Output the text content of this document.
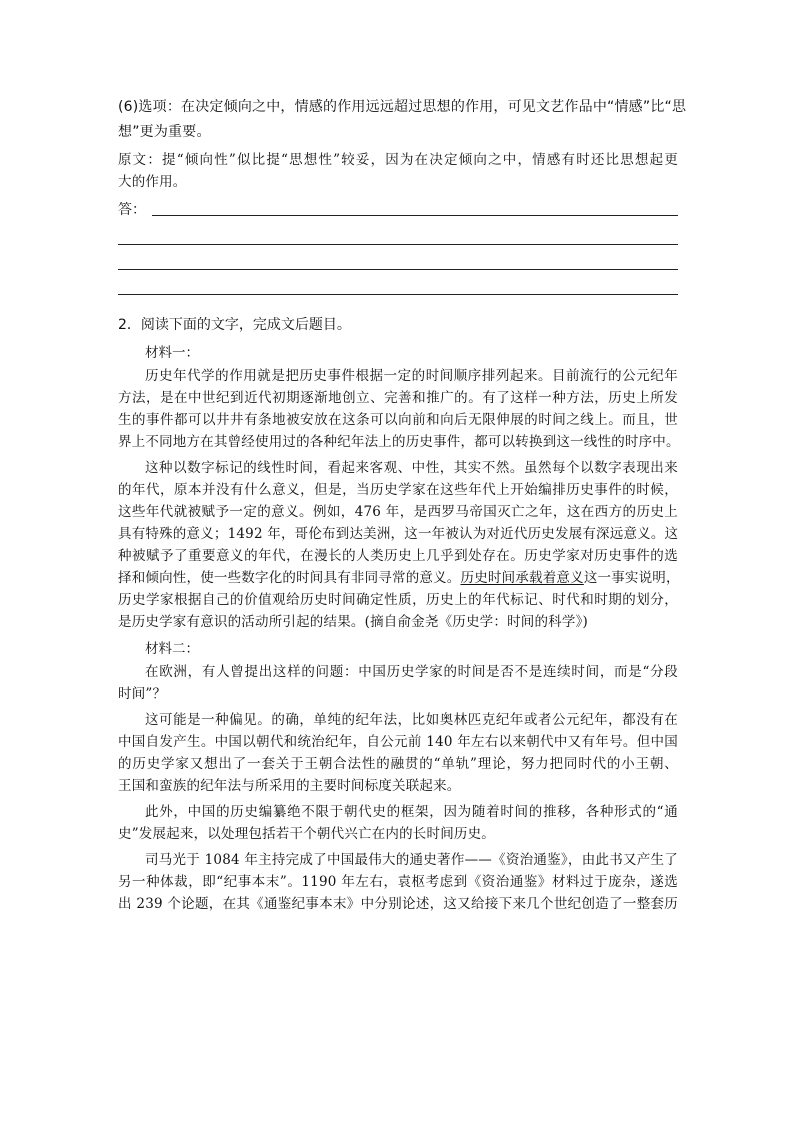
(6)选项：在决定倾向之中，情感的作用远远超过思想的作用，可见文艺作品中“情感”比“思

想”更为重要。

原文：提“倾向性”似比提“思想性”较妥，因为在决定倾向之中，情感有时还比思想起更

大的作用。

答：

2．阅读下面的文字，完成文后题目。

材料一：

历史年代学的作用就是把历史事件根据一定的时间顺序排列起来。目前流行的公元纪年

方法，是在中世纪到近代初期逐渐地创立、完善和推广的。有了这样一种方法，历史上所发

生的事件都可以井井有条地被安放在这条可以向前和向后无限伸展的时间之线上。而且，世

界上不同地方在其曾经使用过的各种纪年法上的历史事件，都可以转换到这一线性的时序中。

这种以数字标记的线性时间，看起来客观、中性，其实不然。虽然每个以数字表现出来

的年代，原本并没有什么意义，但是，当历史学家在这些年代上开始编排历史事件的时候，

这些年代就被赋予一定的意义。例如，476 年，是西罗马帝国灭亡之年，这在西方的历史上

具有特殊的意义；1492 年，哥伦布到达美洲，这一年被认为对近代历史发展有深远意义。这

种被赋予了重要意义的年代，在漫长的人类历史上几乎到处存在。历史学家对历史事件的选

择和倾向性，使一些数字化的时间具有非同寻常的意义。历史时间承载着意义这一事实说明，

历史学家根据自己的价值观给历史时间确定性质，历史上的年代标记、时代和时期的划分，

是历史学家有意识的活动所引起的结果。(摘自俞金尧《历史学：时间的科学》)

材料二：

在欧洲，有人曾提出这样的问题：中国历史学家的时间是否不是连续时间，而是“分段

时间”？

这可能是一种偏见。的确，单纯的纪年法，比如奥林匹克纪年或者公元纪年，都没有在

中国自发产生。中国以朝代和统治纪年，自公元前 140 年左右以来朝代中又有年号。但中国

的历史学家又想出了一套关于王朝合法性的融贯的“单轨”理论，努力把同时代的小王朝、

王国和蛮族的纪年法与所采用的主要时间标度关联起来。

此外，中国的历史编纂绝不限于朝代史的框架，因为随着时间的推移，各种形式的“通

史”发展起来，以处理包括若干个朝代兴亡在内的长时间历史。

司马光于 1084 年主持完成了中国最伟大的通史著作——《资治通鉴》，由此书又产生了

另一种体裁，即“纪事本末”。1190 年左右，袁枢考虑到《资治通鉴》材料过于庞杂，遂选

出 239 个论题，在其《通鉴纪事本末》中分别论述，这又给接下来几个世纪创造了一整套历
